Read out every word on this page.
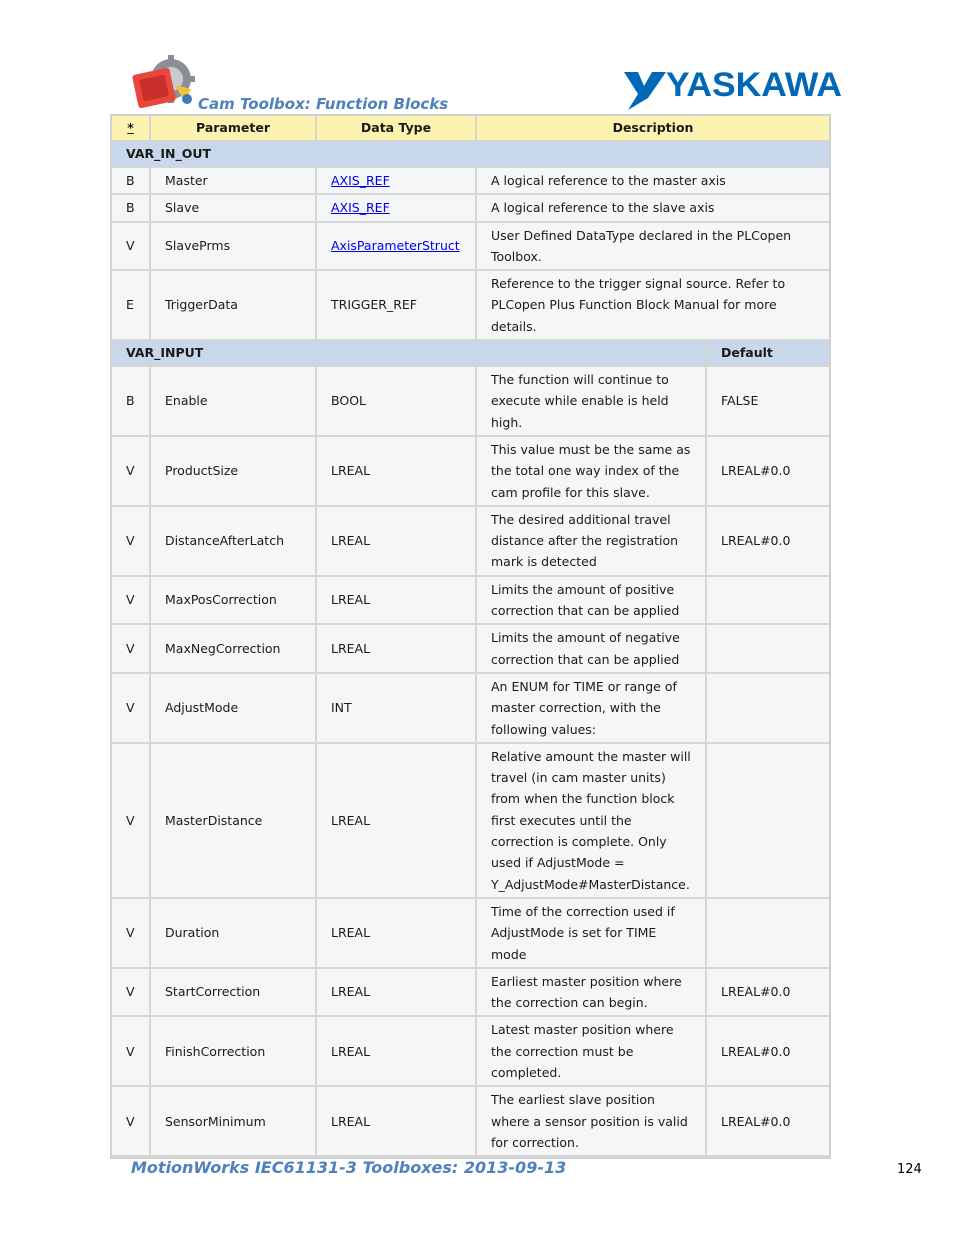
Cam Toolbox: Function Blocks	YASKAWA
*	Parameter	Data Type	Description	
VAR_IN_OUT				
B	Master	AXIS_REF	A logical reference to the master axis	
B	Slave	AXIS_REF	A logical reference to the slave axis	
V	SlavePrms	AxisParameterStruct	User Defined DataType declared in the PLCopen Toolbox.	
E	TriggerData	TRIGGER_REF	Reference to the trigger signal source. Refer to PLCopen Plus Function Block Manual for more details.	
VAR_INPUT				Default
B	Enable	BOOL	The function will continue to execute while enable is held high.	FALSE
V	ProductSize	LREAL	This value must be the same as the total one way index of the cam profile for this slave.	LREAL#0.0
V	DistanceAfterLatch	LREAL	The desired additional travel distance after the registration mark is detected	LREAL#0.0
V	MaxPosCorrection	LREAL	Limits the amount of positive correction that can be applied	
V	MaxNegCorrection	LREAL	Limits the amount of negative correction that can be applied	
V	AdjustMode	INT	An ENUM for TIME or range of master correction, with the following values:	
V	MasterDistance	LREAL	Relative amount the master will travel (in cam master units) from when the function block first executes until the correction is complete. Only used if AdjustMode = Y_AdjustMode#MasterDistance.	
V	Duration	LREAL	Time of the correction used if AdjustMode is set for TIME mode	
V	StartCorrection	LREAL	Earliest master position where the correction can begin.	LREAL#0.0
V	FinishCorrection	LREAL	Latest master position where the correction must be completed.	LREAL#0.0
V	SensorMinimum	LREAL	The earliest slave position where a sensor position is valid for correction.	LREAL#0.0
MotionWorks IEC61131-3 Toolboxes: 2013-09-13	124
